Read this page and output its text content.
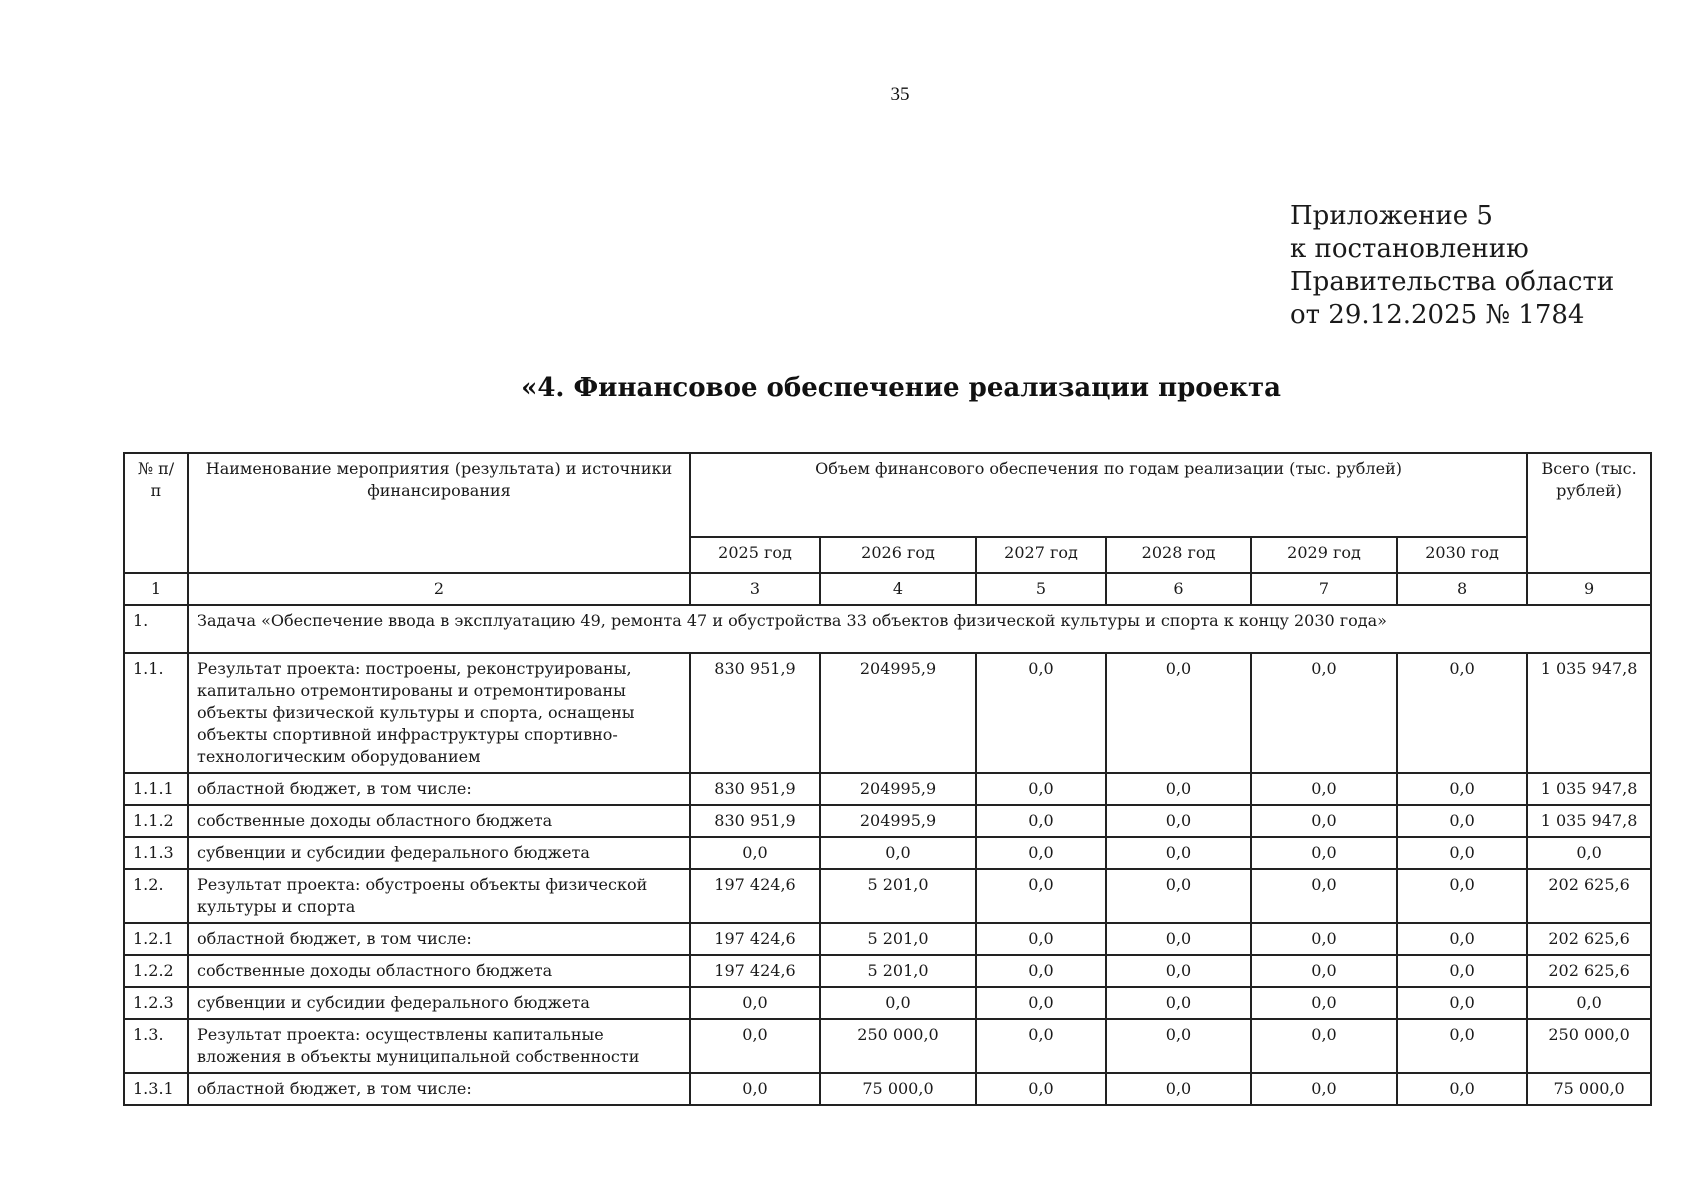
35
Приложение 5
к постановлению
Правительства области
от 29.12.2025 № 1784
«4. Финансовое обеспечение реализации проекта
№ п/п	Наименование мероприятия (результата) и источники финансирования	Объем финансового обеспечения по годам реализации (тыс. рублей)						Всего (тыс. рублей)
		2025 год	2026 год	2027 год	2028 год	2029 год	2030 год	
1	2	3	4	5	6	7	8	9
1.	Задача «Обеспечение ввода в эксплуатацию 49, ремонта 47 и обустройства 33 объектов физической культуры и спорта к концу 2030 года»							
1.1.	Результат проекта: построены, реконструированы, капитально отремонтированы и отремонтированы объекты физической культуры и спорта, оснащены объекты спортивной инфраструктуры спортивно-технологическим оборудованием	830 951,9	204995,9	0,0	0,0	0,0	0,0	1 035 947,8
1.1.1	областной бюджет, в том числе:	830 951,9	204995,9	0,0	0,0	0,0	0,0	1 035 947,8
1.1.2	собственные доходы областного бюджета	830 951,9	204995,9	0,0	0,0	0,0	0,0	1 035 947,8
1.1.3	субвенции и субсидии федерального бюджета	0,0	0,0	0,0	0,0	0,0	0,0	0,0
1.2.	Результат проекта: обустроены объекты физической культуры и спорта	197 424,6	5 201,0	0,0	0,0	0,0	0,0	202 625,6
1.2.1	областной бюджет, в том числе:	197 424,6	5 201,0	0,0	0,0	0,0	0,0	202 625,6
1.2.2	собственные доходы областного бюджета	197 424,6	5 201,0	0,0	0,0	0,0	0,0	202 625,6
1.2.3	субвенции и субсидии федерального бюджета	0,0	0,0	0,0	0,0	0,0	0,0	0,0
1.3.	Результат проекта: осуществлены капитальные вложения в объекты муниципальной собственности	0,0	250 000,0	0,0	0,0	0,0	0,0	250 000,0
1.3.1	областной бюджет, в том числе:	0,0	75 000,0	0,0	0,0	0,0	0,0	75 000,0
